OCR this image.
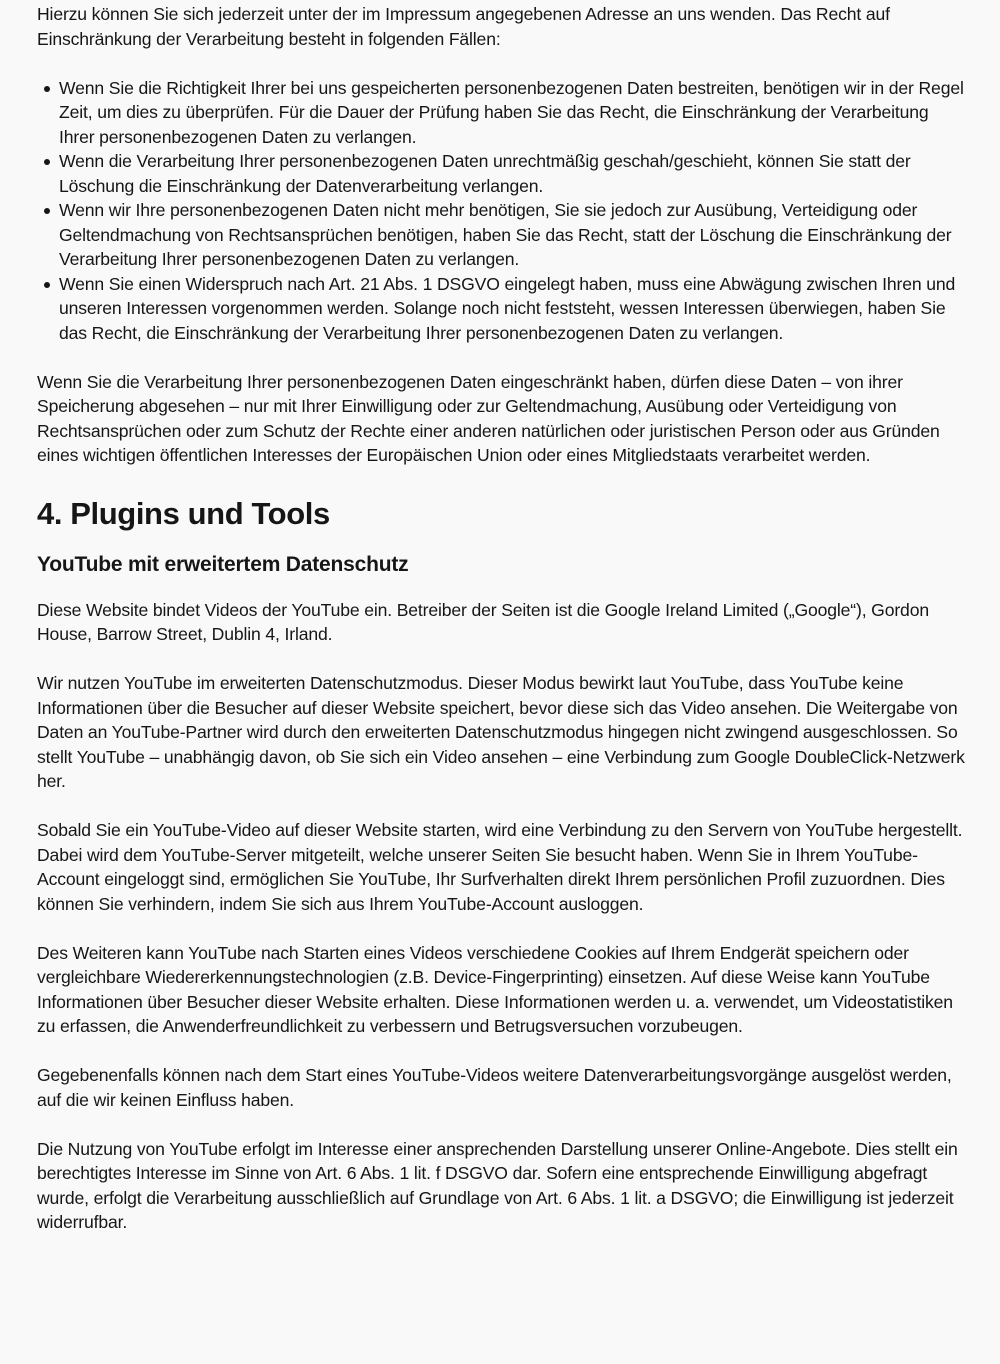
Hierzu können Sie sich jederzeit unter der im Impressum angegebenen Adresse an uns wenden. Das Recht auf Einschränkung der Verarbeitung besteht in folgenden Fällen:

Wenn Sie die Richtigkeit Ihrer bei uns gespeicherten personenbezogenen Daten bestreiten, benötigen wir in der Regel Zeit, um dies zu überprüfen. Für die Dauer der Prüfung haben Sie das Recht, die Einschränkung der Verarbeitung Ihrer personenbezogenen Daten zu verlangen.
Wenn die Verarbeitung Ihrer personenbezogenen Daten unrechtmäßig geschah/geschieht, können Sie statt der Löschung die Einschränkung der Datenverarbeitung verlangen.
Wenn wir Ihre personenbezogenen Daten nicht mehr benötigen, Sie sie jedoch zur Ausübung, Verteidigung oder Geltendmachung von Rechtsansprüchen benötigen, haben Sie das Recht, statt der Löschung die Einschränkung der Verarbeitung Ihrer personenbezogenen Daten zu verlangen.
Wenn Sie einen Widerspruch nach Art. 21 Abs. 1 DSGVO eingelegt haben, muss eine Abwägung zwischen Ihren und unseren Interessen vorgenommen werden. Solange noch nicht feststeht, wessen Interessen überwiegen, haben Sie das Recht, die Einschränkung der Verarbeitung Ihrer personenbezogenen Daten zu verlangen.

Wenn Sie die Verarbeitung Ihrer personenbezogenen Daten eingeschränkt haben, dürfen diese Daten – von ihrer Speicherung abgesehen – nur mit Ihrer Einwilligung oder zur Geltendmachung, Ausübung oder Verteidigung von Rechtsansprüchen oder zum Schutz der Rechte einer anderen natürlichen oder juristischen Person oder aus Gründen eines wichtigen öffentlichen Interesses der Europäischen Union oder eines Mitgliedstaats verarbeitet werden.

4. Plugins und Tools
YouTube mit erweitertem Datenschutz

Diese Website bindet Videos der YouTube ein. Betreiber der Seiten ist die Google Ireland Limited („Google“), Gordon House, Barrow Street, Dublin 4, Irland.

Wir nutzen YouTube im erweiterten Datenschutzmodus. Dieser Modus bewirkt laut YouTube, dass YouTube keine Informationen über die Besucher auf dieser Website speichert, bevor diese sich das Video ansehen. Die Weitergabe von Daten an YouTube-Partner wird durch den erweiterten Datenschutzmodus hingegen nicht zwingend ausgeschlossen. So stellt YouTube – unabhängig davon, ob Sie sich ein Video ansehen – eine Verbindung zum Google DoubleClick-Netzwerk her.

Sobald Sie ein YouTube-Video auf dieser Website starten, wird eine Verbindung zu den Servern von YouTube hergestellt. Dabei wird dem YouTube-Server mitgeteilt, welche unserer Seiten Sie besucht haben. Wenn Sie in Ihrem YouTube-Account eingeloggt sind, ermöglichen Sie YouTube, Ihr Surfverhalten direkt Ihrem persönlichen Profil zuzuordnen. Dies können Sie verhindern, indem Sie sich aus Ihrem YouTube-Account ausloggen.

Des Weiteren kann YouTube nach Starten eines Videos verschiedene Cookies auf Ihrem Endgerät speichern oder vergleichbare Wiedererkennungstechnologien (z.B. Device-Fingerprinting) einsetzen. Auf diese Weise kann YouTube Informationen über Besucher dieser Website erhalten. Diese Informationen werden u. a. verwendet, um Videostatistiken zu erfassen, die Anwenderfreundlichkeit zu verbessern und Betrugsversuchen vorzubeugen.

Gegebenenfalls können nach dem Start eines YouTube-Videos weitere Datenverarbeitungsvorgänge ausgelöst werden, auf die wir keinen Einfluss haben.

Die Nutzung von YouTube erfolgt im Interesse einer ansprechenden Darstellung unserer Online-Angebote. Dies stellt ein berechtigtes Interesse im Sinne von Art. 6 Abs. 1 lit. f DSGVO dar. Sofern eine entsprechende Einwilligung abgefragt wurde, erfolgt die Verarbeitung ausschließlich auf Grundlage von Art. 6 Abs. 1 lit. a DSGVO; die Einwilligung ist jederzeit widerrufbar.
